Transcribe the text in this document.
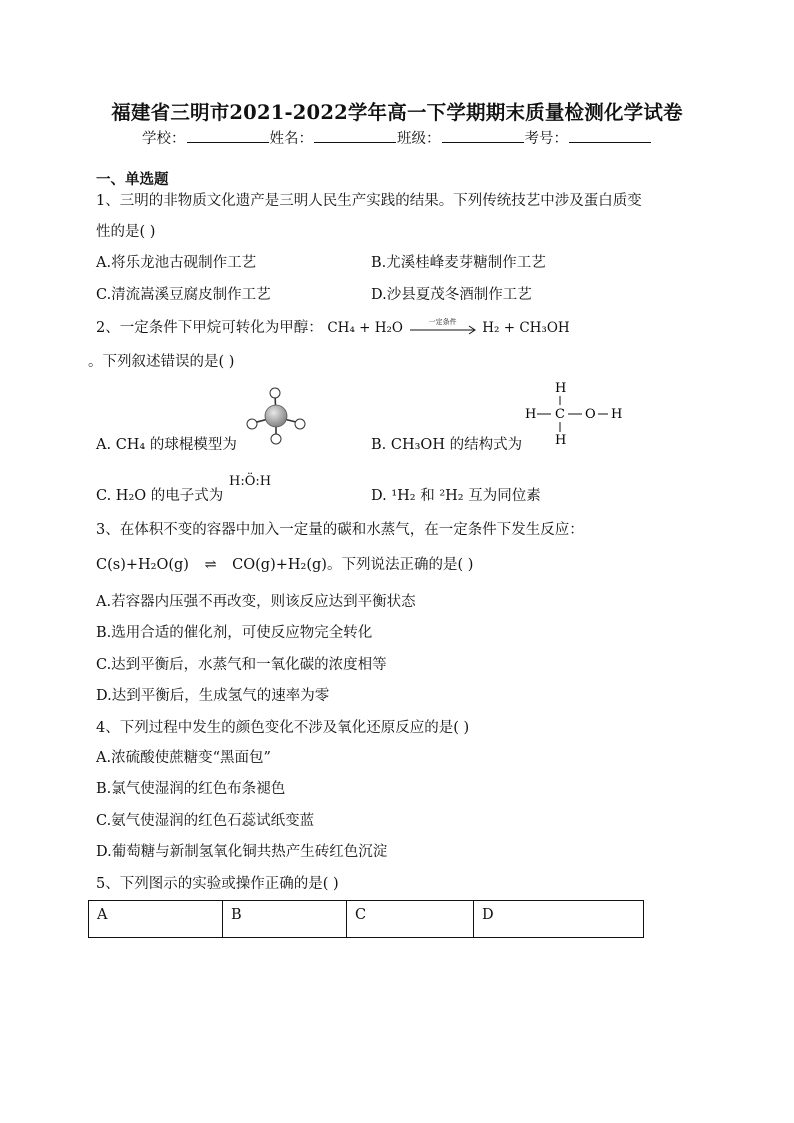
福建省三明市2021-2022学年高一下学期期末质量检测化学试卷
学校：	姓名：	班级：	考号：
一、单选题
1、三明的非物质文化遗产是三明人民生产实践的结果。下列传统技艺中涉及蛋白质变
性的是( )
A.将乐龙池古砚制作工艺	B.尤溪桂峰麦芽糖制作工艺
C.清流嵩溪豆腐皮制作工艺	D.沙县夏茂冬酒制作工艺
2、一定条件下甲烷可转化为甲醇： CH₄ + H₂O	一定条件	H₂ + CH₃OH
。下列叙述错误的是( )
A. CH₄ 的球棍模型为	B. CH₃OH 的结构式为
H
H C O H
H
C. H₂O 的电子式为
H:Ö:H
D. ¹H₂ 和 ²H₂ 互为同位素
3、在体积不变的容器中加入一定量的碳和水蒸气，在一定条件下发生反应：
C(s)+H₂O(g) ⇌ CO(g)+H₂(g)。下列说法正确的是( )
A.若容器内压强不再改变，则该反应达到平衡状态
B.选用合适的催化剂，可使反应物完全转化
C.达到平衡后，水蒸气和一氧化碳的浓度相等
D.达到平衡后，生成氢气的速率为零
4、下列过程中发生的颜色变化不涉及氧化还原反应的是( )
A.浓硫酸使蔗糖变“黑面包”
B.氯气使湿润的红色布条褪色
C.氨气使湿润的红色石蕊试纸变蓝
D.葡萄糖与新制氢氧化铜共热产生砖红色沉淀
5、下列图示的实验或操作正确的是( )
A	B	C	D
